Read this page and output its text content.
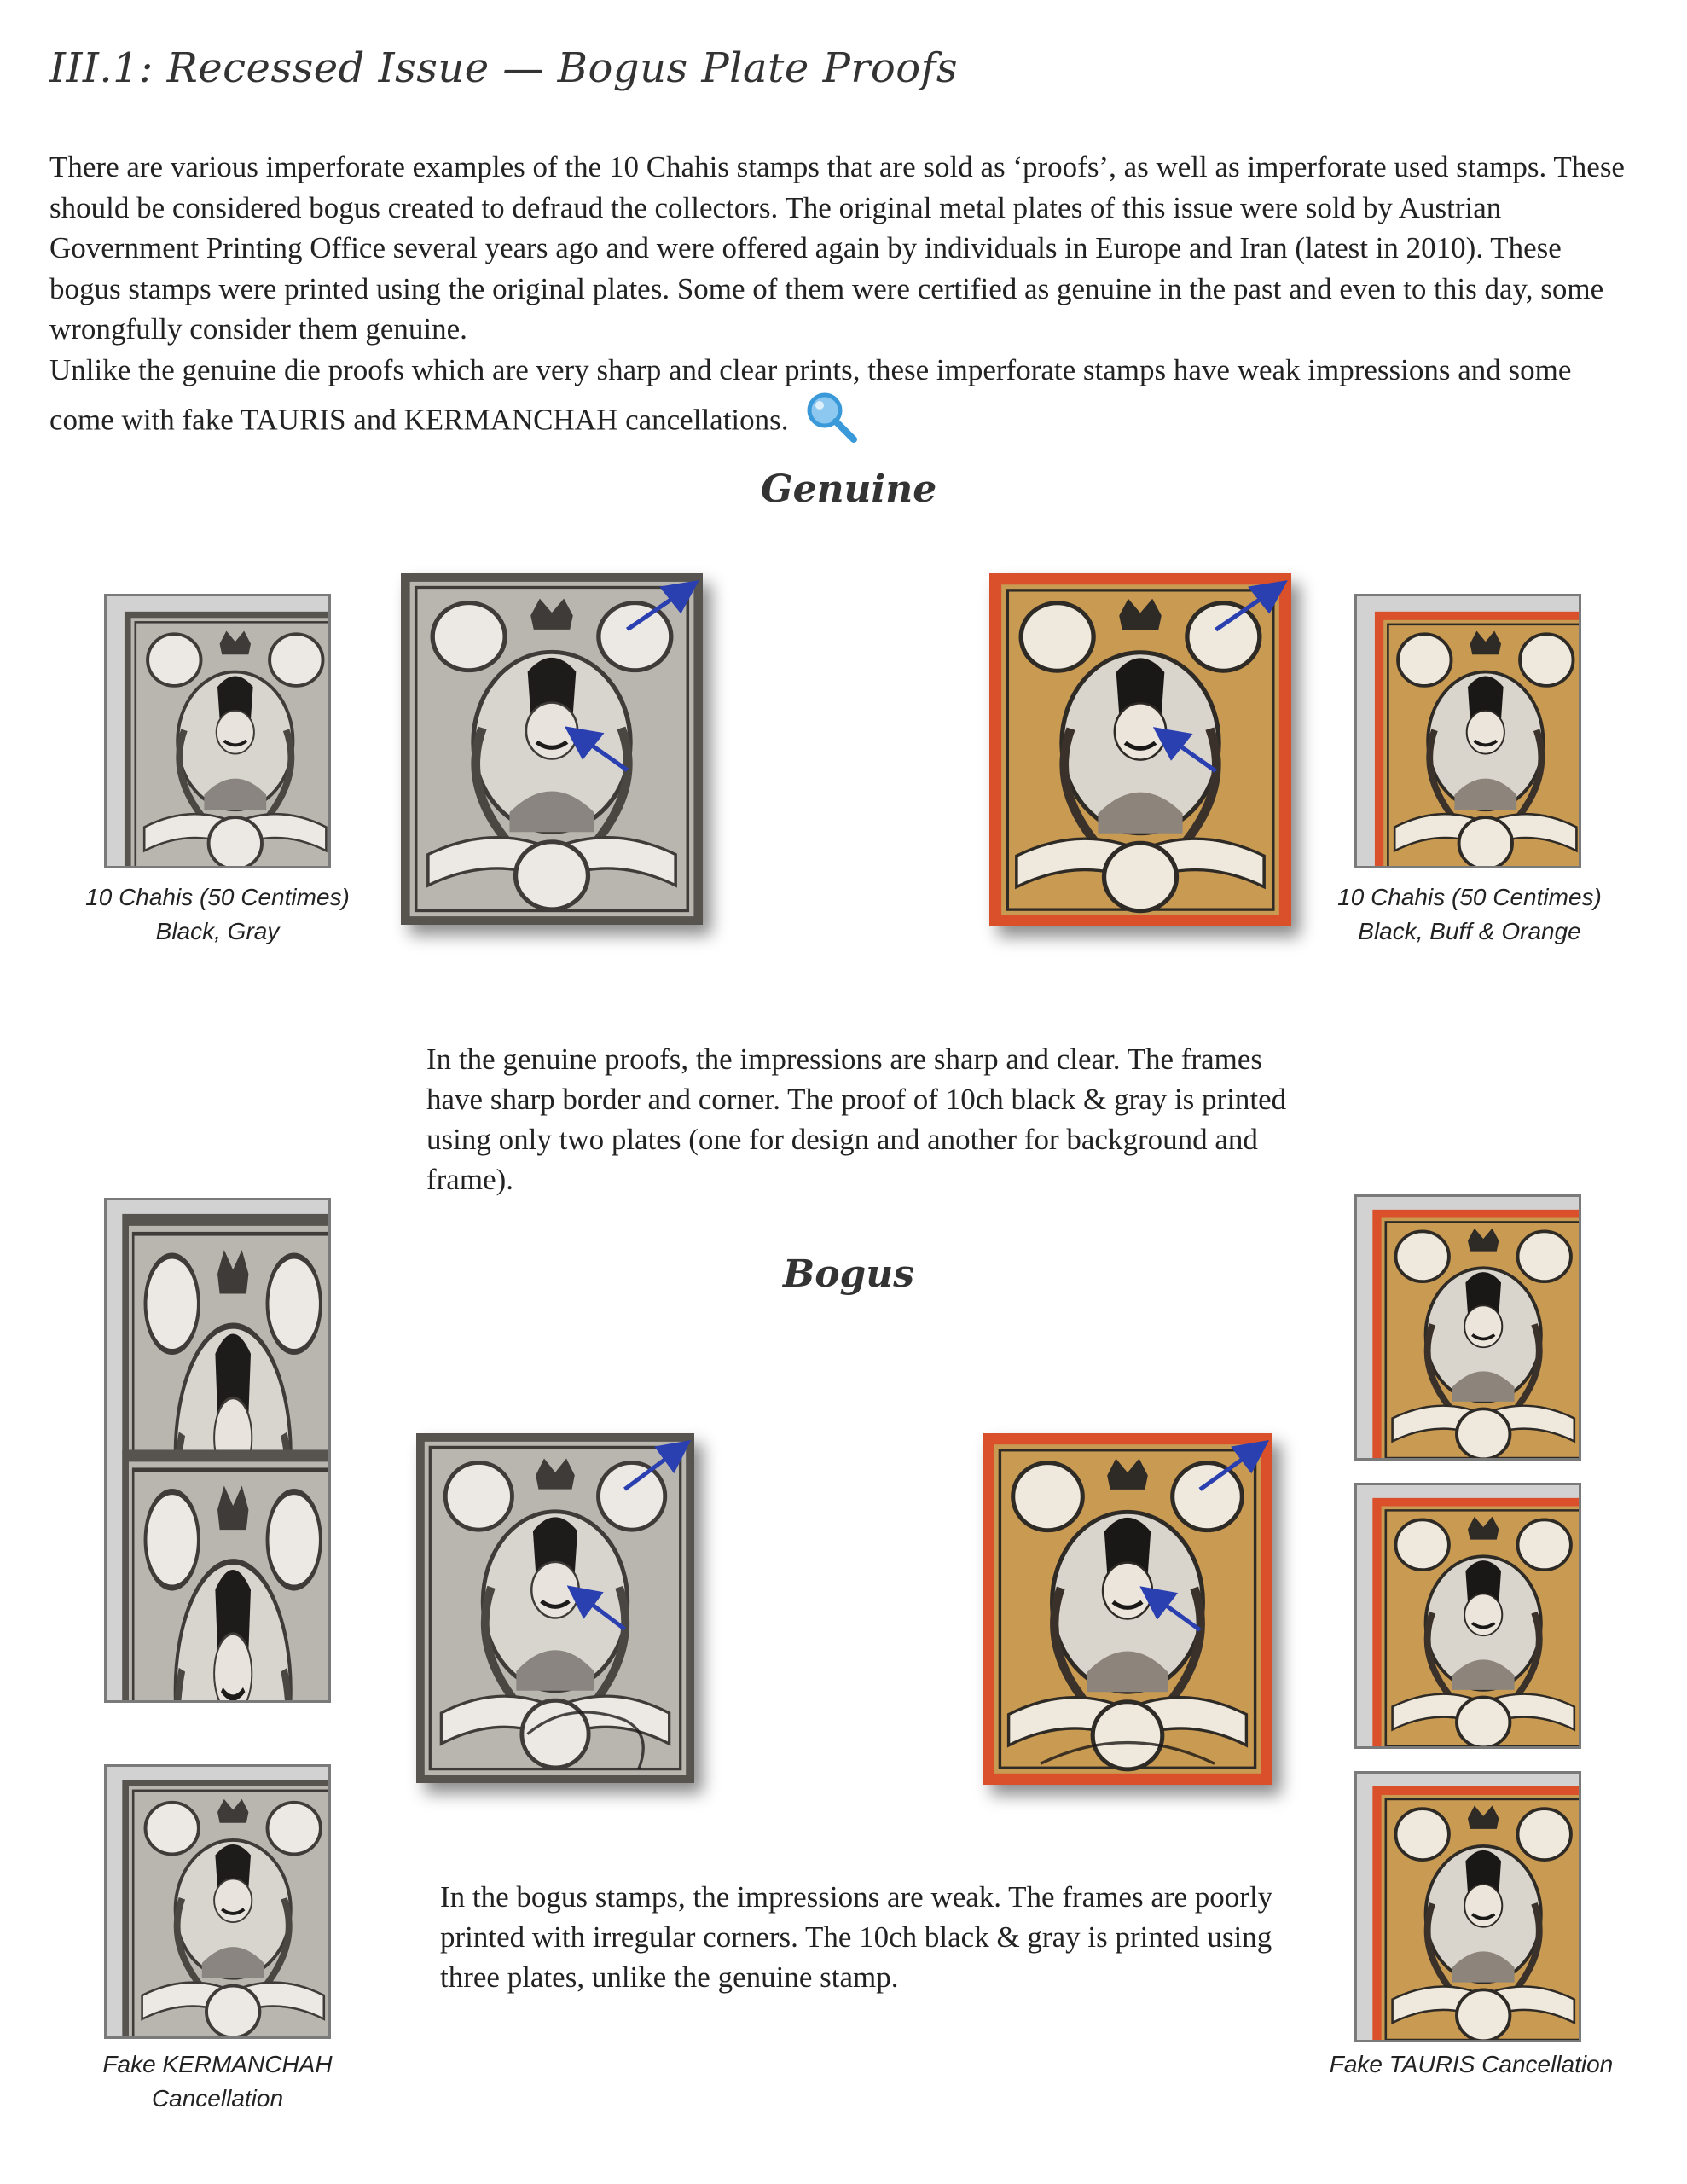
III.1: Recessed Issue — Bogus Plate Proofs

There are various imperforate examples of the 10 Chahis stamps that are sold as ‘proofs’, as well as imperforate used stamps. These should be considered bogus created to defraud the collectors. The original metal plates of this issue were sold by Austrian Government Printing Office several years ago and were offered again by individuals in Europe and Iran (latest in 2010). These bogus stamps were printed using the original plates. Some of them were certified as genuine in the past and even to this day, some wrongfully consider them genuine.

Unlike the genuine die proofs which are very sharp and clear prints, these imperforate stamps have weak impressions and some come with fake TAURIS and KERMANCHAH cancellations.

Genuine
10 Chahis (50 Centimes)
Black, Gray
10 Chahis (50 Centimes)
Black, Buff & Orange
In the genuine proofs, the impressions are sharp and clear. The frames have sharp border and corner. The proof of 10ch black & gray is printed using only two plates (one for design and another for background and frame).
Bogus
In the bogus stamps, the impressions are weak. The frames are poorly printed with irregular corners. The 10ch black & gray is printed using three plates, unlike the genuine stamp.
Fake KERMANCHAH
Cancellation
Fake TAURIS Cancellation
